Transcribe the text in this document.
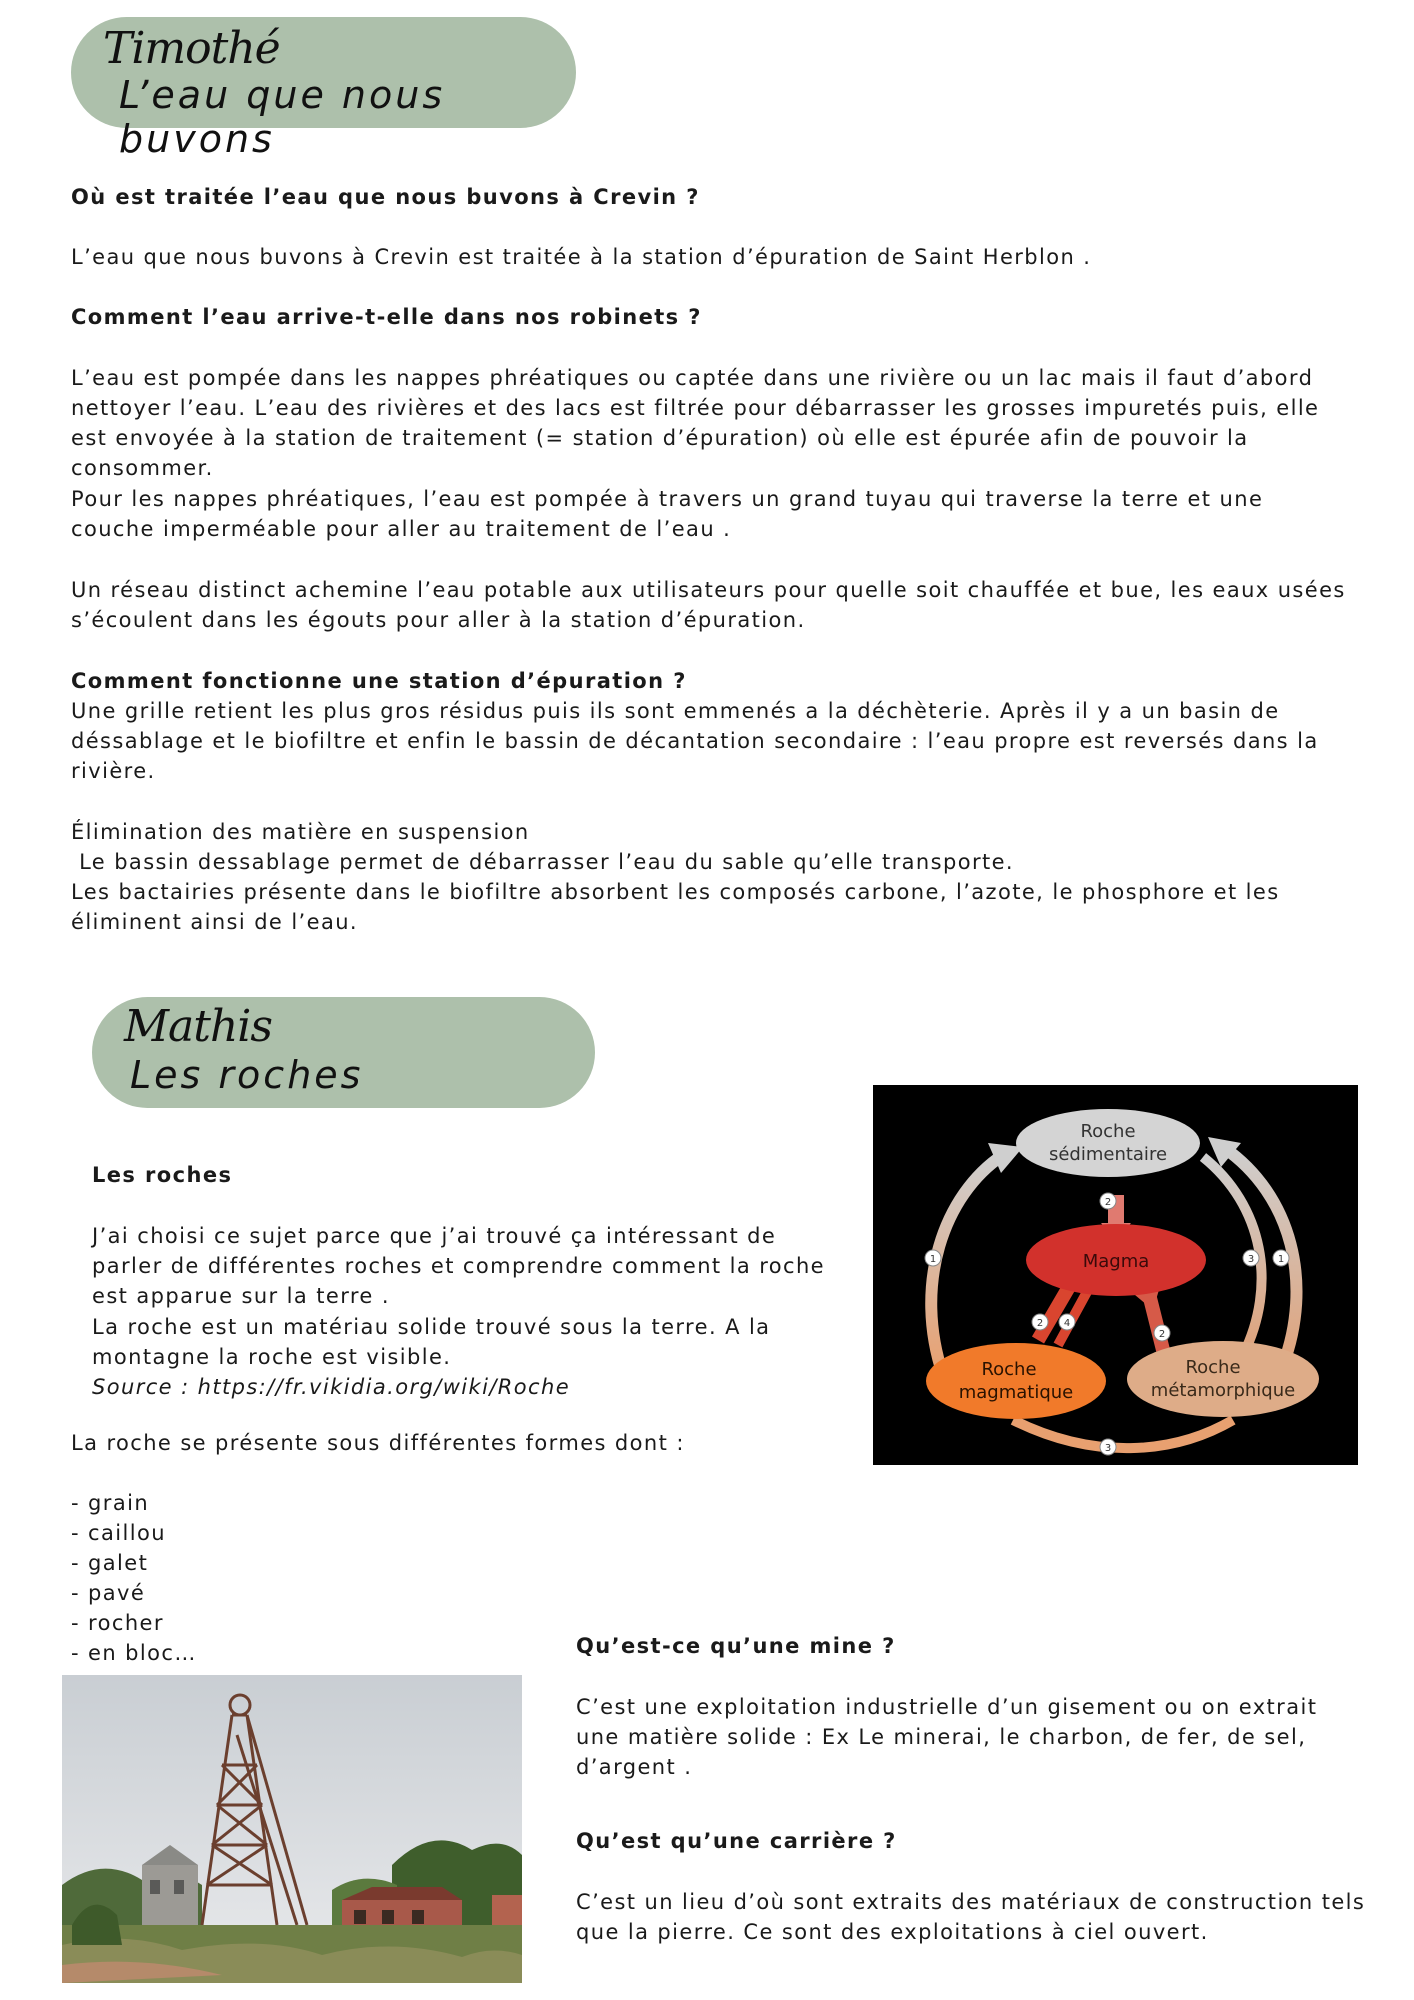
Timothé
L’eau que nous buvons

Où est traitée l’eau que nous buvons à Crevin ?

L’eau que nous buvons à Crevin est traitée à la station d’épuration de Saint Herblon .

Comment l’eau arrive-t-elle dans nos robinets ?

L’eau est pompée dans les nappes phréatiques ou captée dans une rivière ou un lac mais il faut d’abord nettoyer l’eau. L’eau des rivières et des lacs est filtrée pour débarrasser les grosses impuretés puis, elle est envoyée à la station de traitement (= station d’épuration) où elle est épurée afin de pouvoir la consommer.

Pour les nappes phréatiques, l’eau est pompée à travers un grand tuyau qui traverse la terre et une couche imperméable pour aller au traitement de l’eau .

Un réseau distinct achemine l’eau potable aux utilisateurs pour quelle soit chauffée et bue, les eaux usées s’écoulent dans les égouts pour aller à la station d’épuration.

Comment fonctionne une station d’épuration ?

Une grille retient les plus gros résidus puis ils sont emmenés a la déchèterie. Après il y a un basin de déssablage et le biofiltre et enfin le bassin de décantation secondaire : l’eau propre est reversés dans la rivière.

Élimination des matière en suspension

Le bassin dessablage permet de débarrasser l’eau du sable qu’elle transporte.

Les bactairies présente dans le biofiltre absorbent les composés carbone, l’azote, le phosphore et les éliminent ainsi de l’eau.

Mathis
Les roches

Les roches

J’ai choisi ce sujet parce que j’ai trouvé ça intéressant de parler de différentes roches et comprendre comment la roche est apparue sur la terre .

La roche est un matériau solide trouvé sous la terre. A la montagne la roche est visible.

Source : https://fr.vikidia.org/wiki/Roche

La roche se présente sous différentes formes dont :

- grain
- caillou
- galet
- pavé
- rocher
- en bloc…	Qu’est-ce qu’une mine ?

C’est une exploitation industrielle d’un gisement ou on extrait une matière solide : Ex Le minerai, le charbon, de fer, de sel, d’argent .

Qu’est qu’une carrière ?

C’est un lieu d’où sont extraits des matériaux de construction tels que la pierre. Ce sont des exploitations à ciel ouvert.

Roche
sédimentaire
Magma
Roche
magmatique
Roche
métamorphique
1
2
3 1
2 4
2
3
